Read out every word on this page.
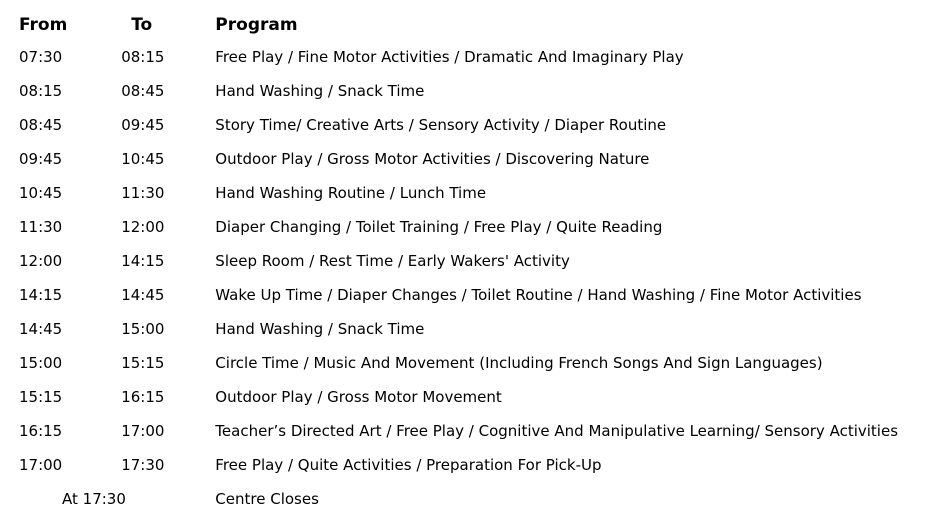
From	To	Program
07:30	08:15	Free Play / Fine Motor Activities / Dramatic And Imaginary Play
08:15	08:45	Hand Washing / Snack Time
08:45	09:45	Story Time/ Creative Arts / Sensory Activity / Diaper Routine
09:45	10:45	Outdoor Play / Gross Motor Activities / Discovering Nature
10:45	11:30	Hand Washing Routine / Lunch Time
11:30	12:00	Diaper Changing / Toilet Training / Free Play / Quite Reading
12:00	14:15	Sleep Room / Rest Time / Early Wakers' Activity
14:15	14:45	Wake Up Time / Diaper Changes / Toilet Routine / Hand Washing / Fine Motor Activities
14:45	15:00	Hand Washing / Snack Time
15:00	15:15	Circle Time / Music And Movement (Including French Songs And Sign Languages)
15:15	16:15	Outdoor Play / Gross Motor Movement
16:15	17:00	Teacher’s Directed Art / Free Play / Cognitive And Manipulative Learning/ Sensory Activities
17:00	17:30	Free Play / Quite Activities / Preparation For Pick-Up
At 17:30		Centre Closes
